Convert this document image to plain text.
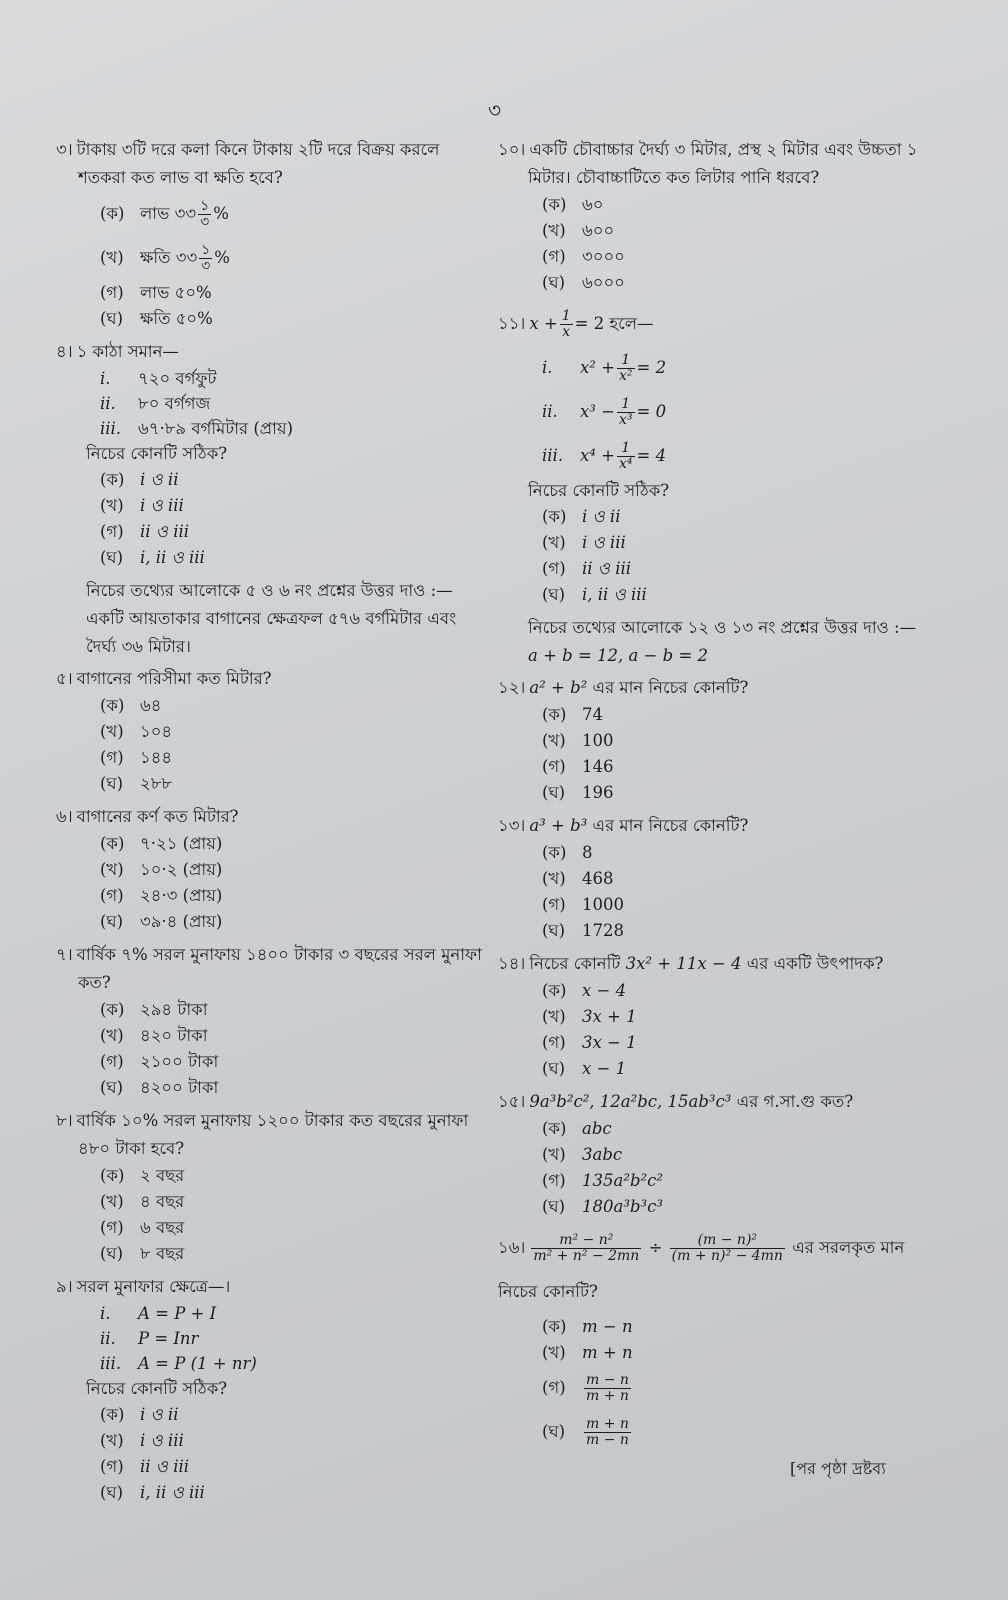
৩
৩। টাকায় ৩টি দরে কলা কিনে টাকায় ২টি দরে বিক্রয় করলে শতকরা কত লাভ বা ক্ষতি হবে?
(ক) লাভ ৩৩ $\frac{১}{৩}$ %
(খ) ক্ষতি ৩৩ $\frac{১}{৩}$ %
(গ) লাভ ৫০%
(ঘ) ক্ষতি ৫০%
৪। ১ কাঠা সমান—
i. ৭২০ বর্গফুট
ii. ৮০ বর্গগজ
iii. ৬৭·৮৯ বর্গমিটার (প্রায়)
নিচের কোনটি সঠিক?
(ক) i ও ii
(খ) i ও iii
(গ) ii ও iii
(ঘ) i, ii ও iii
নিচের তথ্যের আলোকে ৫ ও ৬ নং প্রশ্নের উত্তর দাও :—
একটি আয়তাকার বাগানের ক্ষেত্রফল ৫৭৬ বর্গমিটার এবং দৈর্ঘ্য ৩৬ মিটার।
৫। বাগানের পরিসীমা কত মিটার?
(ক) ৬৪
(খ) ১০৪
(গ) ১৪৪
(ঘ) ২৮৮
৬। বাগানের কর্ণ কত মিটার?
(ক) ৭·২১ (প্রায়)
(খ) ১০·২ (প্রায়)
(গ) ২৪·৩ (প্রায়)
(ঘ) ৩৯·৪ (প্রায়)
৭। বার্ষিক ৭% সরল মুনাফায় ১৪০০ টাকার ৩ বছরের সরল মুনাফা কত?
(ক) ২৯৪ টাকা
(খ) ৪২০ টাকা
(গ) ২১০০ টাকা
(ঘ) ৪২০০ টাকা
৮। বার্ষিক ১০% সরল মুনাফায় ১২০০ টাকার কত বছরের মুনাফা ৪৮০ টাকা হবে?
(ক) ২ বছর
(খ) ৪ বছর
(গ) ৬ বছর
(ঘ) ৮ বছর
৯। সরল মুনাফার ক্ষেত্রে—।
i. A = P + I
ii. P = Inr
iii. A = P (1 + nr)
নিচের কোনটি সঠিক?
(ক) i ও ii
(খ) i ও iii
(গ) ii ও iii
(ঘ) i, ii ও iii
১০। একটি চৌবাচ্চার দৈর্ঘ্য ৩ মিটার, প্রস্থ ২ মিটার এবং উচ্চতা ১ মিটার। চৌবাচ্চাটিতে কত লিটার পানি ধরবে?
(ক) ৬০
(খ) ৬০০
(গ) ৩০০০
(ঘ) ৬০০০
১১। $x + \frac{1}{x} = 2$ হলে—
i. $x^2 + \frac{1}{\text{x²}} = 2$
ii. $x^3 - \frac{1}{\text{x³}} = 0$
iii. $x^4 + \frac{1}{\text{x⁴}} = 4$
নিচের কোনটি সঠিক?
(ক) i ও ii
(খ) i ও iii
(গ) ii ও iii
(ঘ) i, ii ও iii
নিচের তথ্যের আলোকে ১২ ও ১৩ নং প্রশ্নের উত্তর দাও :—
a + b = 12, a − b = 2
১২। a² + b² এর মান নিচের কোনটি?
(ক) 74
(খ) 100
(গ) 146
(ঘ) 196
১৩। a³ + b³ এর মান নিচের কোনটি?
(ক) 8
(খ) 468
(গ) 1000
(ঘ) 1728
১৪। নিচের কোনটি 3x² + 11x − 4 এর একটি উৎপাদক?
(ক) x − 4
(খ) 3x + 1
(গ) 3x − 1
(ঘ) x − 1
১৫। 9a³b²c², 12a²bc, 15ab³c³ এর গ.সা.গু কত?
(ক) abc
(খ) 3abc
(গ) 135a²b²c²
(ঘ) 180a³b³c³
১৬। $\frac{\text{m² − n²}}{\text{m² + n² − 2mn}} \div \frac{\text{(m − n)²}}{\text{(m + n)² − 4mn}}$ এর সরলকৃত মান নিচের কোনটি?
(ক) m − n
(খ) m + n
(গ) $\frac{m - n}{m + n}$
(ঘ) $\frac{m + n}{m - n}$
[পর পৃষ্ঠা দ্রষ্টব্য
